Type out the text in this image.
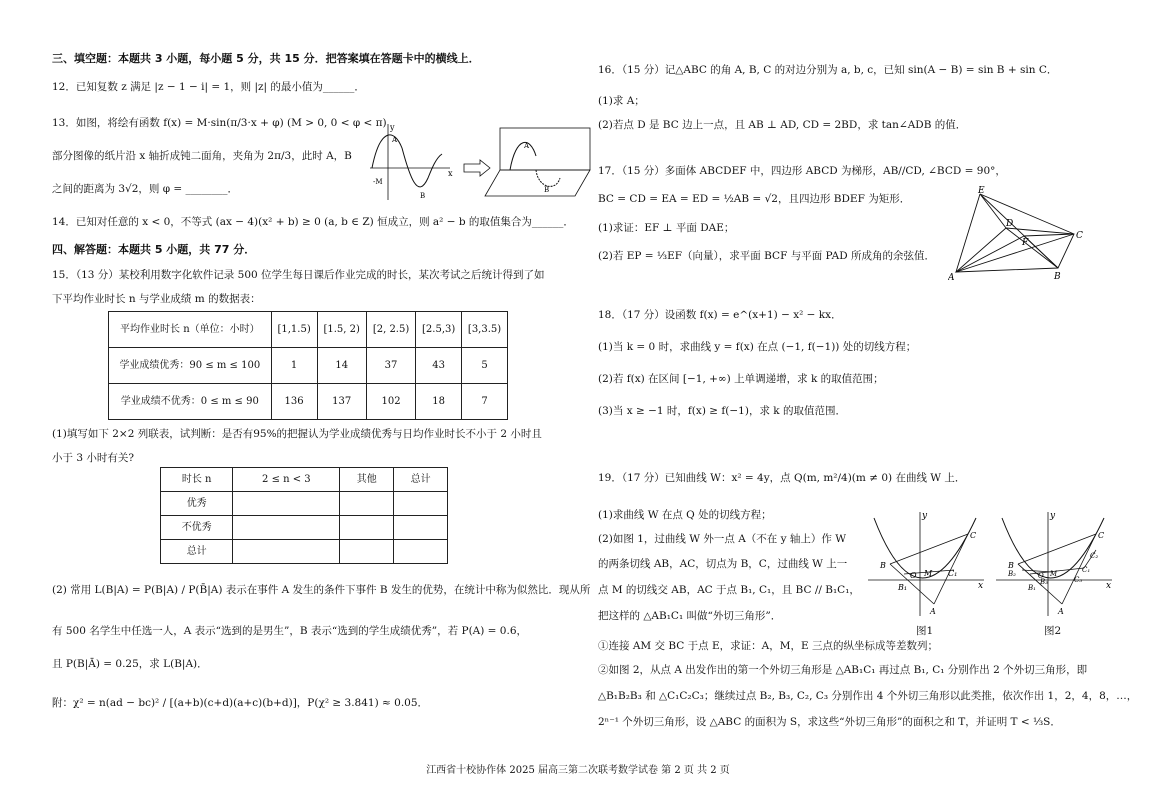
三、填空题：本题共 3 小题，每小题 5 分，共 15 分．把答案填在答题卡中的横线上．
12．已知复数 z 满足 |z − 1 − i| = 1，则 |z| 的最小值为______．
13．如图，将绘有函数 f(x) = M·sin(π/3·x + φ) (M > 0, 0 < φ < π)
部分图像的纸片沿 x 轴折成钝二面角，夹角为 2π/3，此时 A，B
之间的距离为 3√2，则 φ = ________．
y
x
A
B
-M
A
B
14．已知对任意的 x < 0，不等式 (ax − 4)(x² + b) ≥ 0 (a, b ∈ Z) 恒成立，则 a² − b 的取值集合为______．
四、解答题：本题共 5 小题，共 77 分．
15．（13 分）某校利用数字化软件记录 500 位学生每日课后作业完成的时长，某次考试之后统计得到了如
下平均作业时长 n 与学业成绩 m 的数据表：
平均作业时长 n（单位：小时）	[1,1.5)	[1.5, 2)	[2, 2.5)	[2.5,3)	[3,3.5)
学业成绩优秀：90 ≤ m ≤ 100	1	14	37	43	5
学业成绩不优秀：0 ≤ m ≤ 90	136	137	102	18	7
(1)填写如下 2×2 列联表，试判断：是否有95%的把握认为学业成绩优秀与日均作业时长不小于 2 小时且
小于 3 小时有关?
时长 n	2 ≤ n < 3	其他	总计
优秀			
不优秀			
总计			
(2) 常用 L(B|A) = P(B|A) / P(B̄|A) 表示在事件 A 发生的条件下事件 B 发生的优势，在统计中称为似然比．现从所
有 500 名学生中任选一人，A 表示“选到的是男生”，B 表示“选到的学生成绩优秀”，若 P(A) = 0.6，
且 P(B|Ā) = 0.25，求 L(B|A)．
附：χ² = n(ad − bc)² / [(a+b)(c+d)(a+c)(b+d)]，P(χ² ≥ 3.841) ≈ 0.05．
16．（15 分）记△ABC 的角 A, B, C 的对边分别为 a, b, c，已知 sin(A − B) = sin B + sin C．
(1)求 A；
(2)若点 D 是 BC 边上一点，且 AB ⊥ AD, CD = 2BD，求 tan∠ADB 的值．
17．（15 分）多面体 ABCDEF 中，四边形 ABCD 为梯形，AB//CD, ∠BCD = 90°，
BC = CD = EA = ED = ½AB = √2，且四边形 BDEF 为矩形．
(1)求证：EF ⊥ 平面 DAE；
(2)若 EP = ⅓EF（向量），求平面 BCF 与平面 PAD 所成角的余弦值．
E
D
F
C
A	B
18．（17 分）设函数 f(x) = e^(x+1) − x² − kx．
(1)当 k = 0 时，求曲线 y = f(x) 在点 (−1, f(−1)) 处的切线方程；
(2)若 f(x) 在区间 [−1, +∞) 上单调递增，求 k 的取值范围；
(3)当 x ≥ −1 时，f(x) ≥ f(−1)，求 k 的取值范围．
19．（17 分）已知曲线 W：x² = 4y，点 Q(m, m²/4)(m ≠ 0) 在曲线 W 上．
(1)求曲线 W 在点 Q 处的切线方程；
(2)如图 1，过曲线 W 外一点 A（不在 y 轴上）作 W
的两条切线 AB，AC，切点为 B，C，过曲线 W 上一
点 M 的切线交 AB，AC 于点 B₁, C₁，且 BC // B₁C₁，
把这样的 △AB₁C₁ 叫做“外切三角形”．
y
x
C
B
O M C₁
B₁
A
图1
y
x
C
C₂
B
B₂	O M
C₃
C₁
B₁
B₃
A
图2
①连接 AM 交 BC 于点 E，求证：A，M，E 三点的纵坐标成等差数列；
②如图 2，从点 A 出发作出的第一个外切三角形是 △AB₁C₁ 再过点 B₁, C₁ 分别作出 2 个外切三角形，即
△B₁B₂B₃ 和 △C₁C₂C₃；继续过点 B₂, B₃, C₂, C₃ 分别作出 4 个外切三角形以此类推，依次作出 1，2，4，8，…，
2ⁿ⁻¹ 个外切三角形，设 △ABC 的面积为 S，求这些“外切三角形”的面积之和 T，并证明 T < ⅓S．
江西省十校协作体 2025 届高三第二次联考数学试卷 第 2 页 共 2 页
